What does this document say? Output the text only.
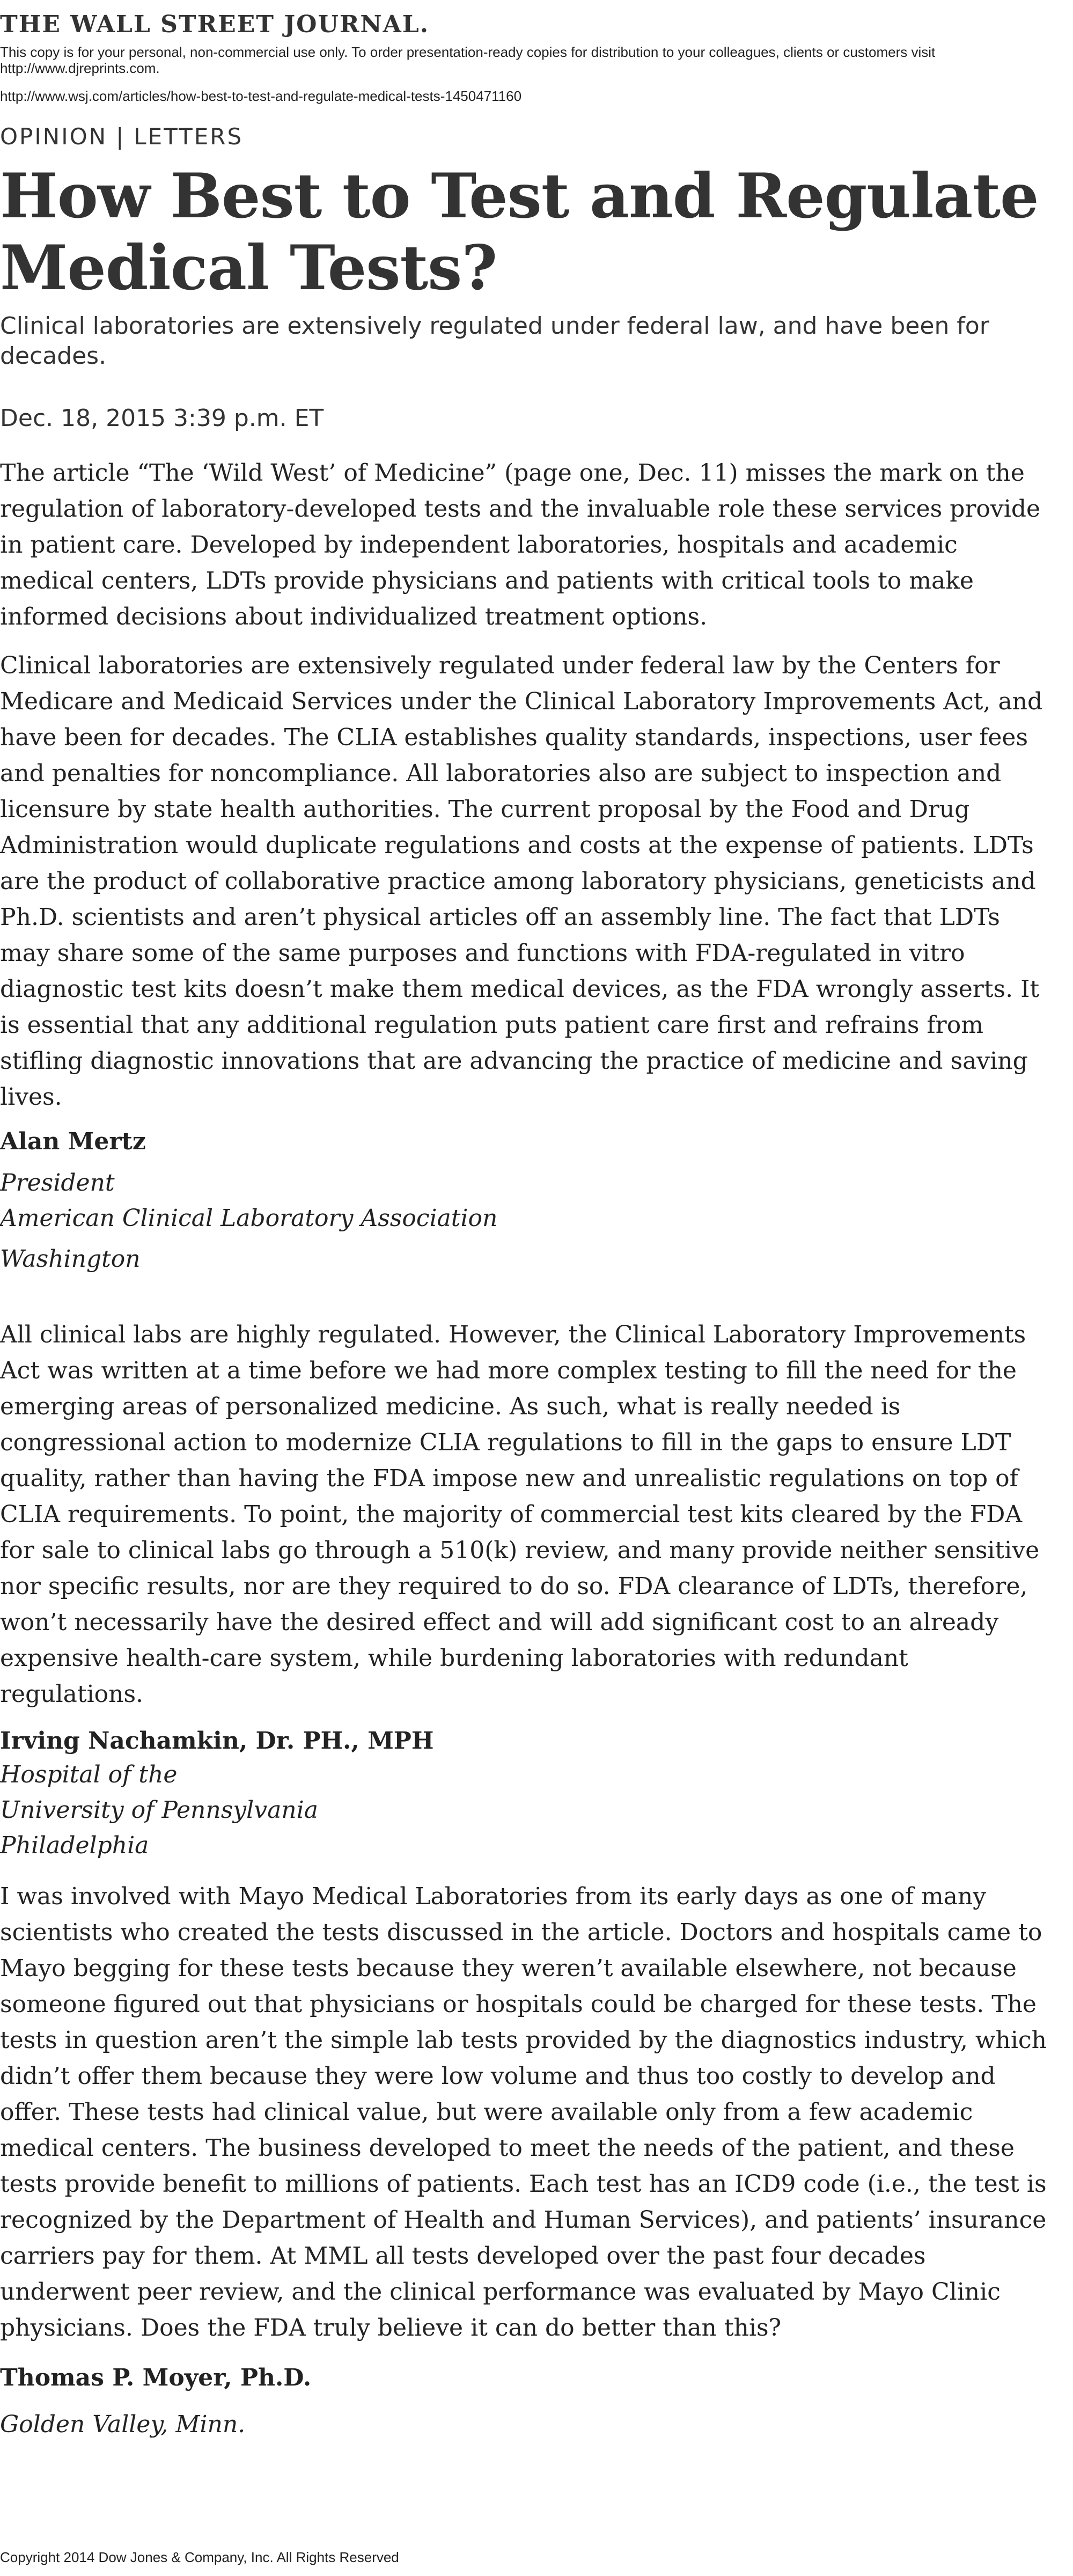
THE WALL STREET JOURNAL.
This copy is for your personal, non-commercial use only. To order presentation-ready copies for distribution to your colleagues, clients or customers visit http://www.djreprints.com.
http://www.wsj.com/articles/how-best-to-test-and-regulate-medical-tests-1450471160
OPINION | LETTERS
How Best to Test and Regulate Medical Tests?
Clinical laboratories are extensively regulated under federal law, and have been for decades.
Dec. 18, 2015 3:39 p.m. ET

The article “The ‘Wild West’ of Medicine” (page one, Dec. 11) misses the mark on the regulation of laboratory-developed tests and the invaluable role these services provide in patient care. Developed by independent laboratories, hospitals and academic medical centers, LDTs provide physicians and patients with critical tools to make informed decisions about individualized treatment options.

Clinical laboratories are extensively regulated under federal law by the Centers for Medicare and Medicaid Services under the Clinical Laboratory Improvements Act, and have been for decades. The CLIA establishes quality standards, inspections, user fees and penalties for noncompliance. All laboratories also are subject to inspection and licensure by state health authorities. The current proposal by the Food and Drug Administration would duplicate regulations and costs at the expense of patients. LDTs are the product of collaborative practice among laboratory physicians, geneticists and Ph.D. scientists and aren’t physical articles off an assembly line. The fact that LDTs may share some of the same purposes and functions with FDA-regulated in vitro diagnostic test kits doesn’t make them medical devices, as the FDA wrongly asserts. It is essential that any additional regulation puts patient care first and refrains from stifling diagnostic innovations that are advancing the practice of medicine and saving lives.

Alan Mertz
President
American Clinical Laboratory Association
Washington

All clinical labs are highly regulated. However, the Clinical Laboratory Improvements Act was written at a time before we had more complex testing to fill the need for the emerging areas of personalized medicine. As such, what is really needed is congressional action to modernize CLIA regulations to fill in the gaps to ensure LDT quality, rather than having the FDA impose new and unrealistic regulations on top of CLIA requirements. To point, the majority of commercial test kits cleared by the FDA for sale to clinical labs go through a 510(k) review, and many provide neither sensitive nor specific results, nor are they required to do so. FDA clearance of LDTs, therefore, won’t necessarily have the desired effect and will add significant cost to an already expensive health-care system, while burdening laboratories with redundant regulations.

Irving Nachamkin, Dr. PH., MPH
Hospital of the
University of Pennsylvania
Philadelphia

I was involved with Mayo Medical Laboratories from its early days as one of many scientists who created the tests discussed in the article. Doctors and hospitals came to Mayo begging for these tests because they weren’t available elsewhere, not because someone figured out that physicians or hospitals could be charged for these tests. The tests in question aren’t the simple lab tests provided by the diagnostics industry, which didn’t offer them because they were low volume and thus too costly to develop and offer. These tests had clinical value, but were available only from a few academic medical centers. The business developed to meet the needs of the patient, and these tests provide benefit to millions of patients. Each test has an ICD9 code (i.e., the test is recognized by the Department of Health and Human Services), and patients’ insurance carriers pay for them. At MML all tests developed over the past four decades underwent peer review, and the clinical performance was evaluated by Mayo Clinic physicians. Does the FDA truly believe it can do better than this?

Thomas P. Moyer, Ph.D.
Golden Valley, Minn.
Copyright 2014 Dow Jones & Company, Inc. All Rights Reserved
